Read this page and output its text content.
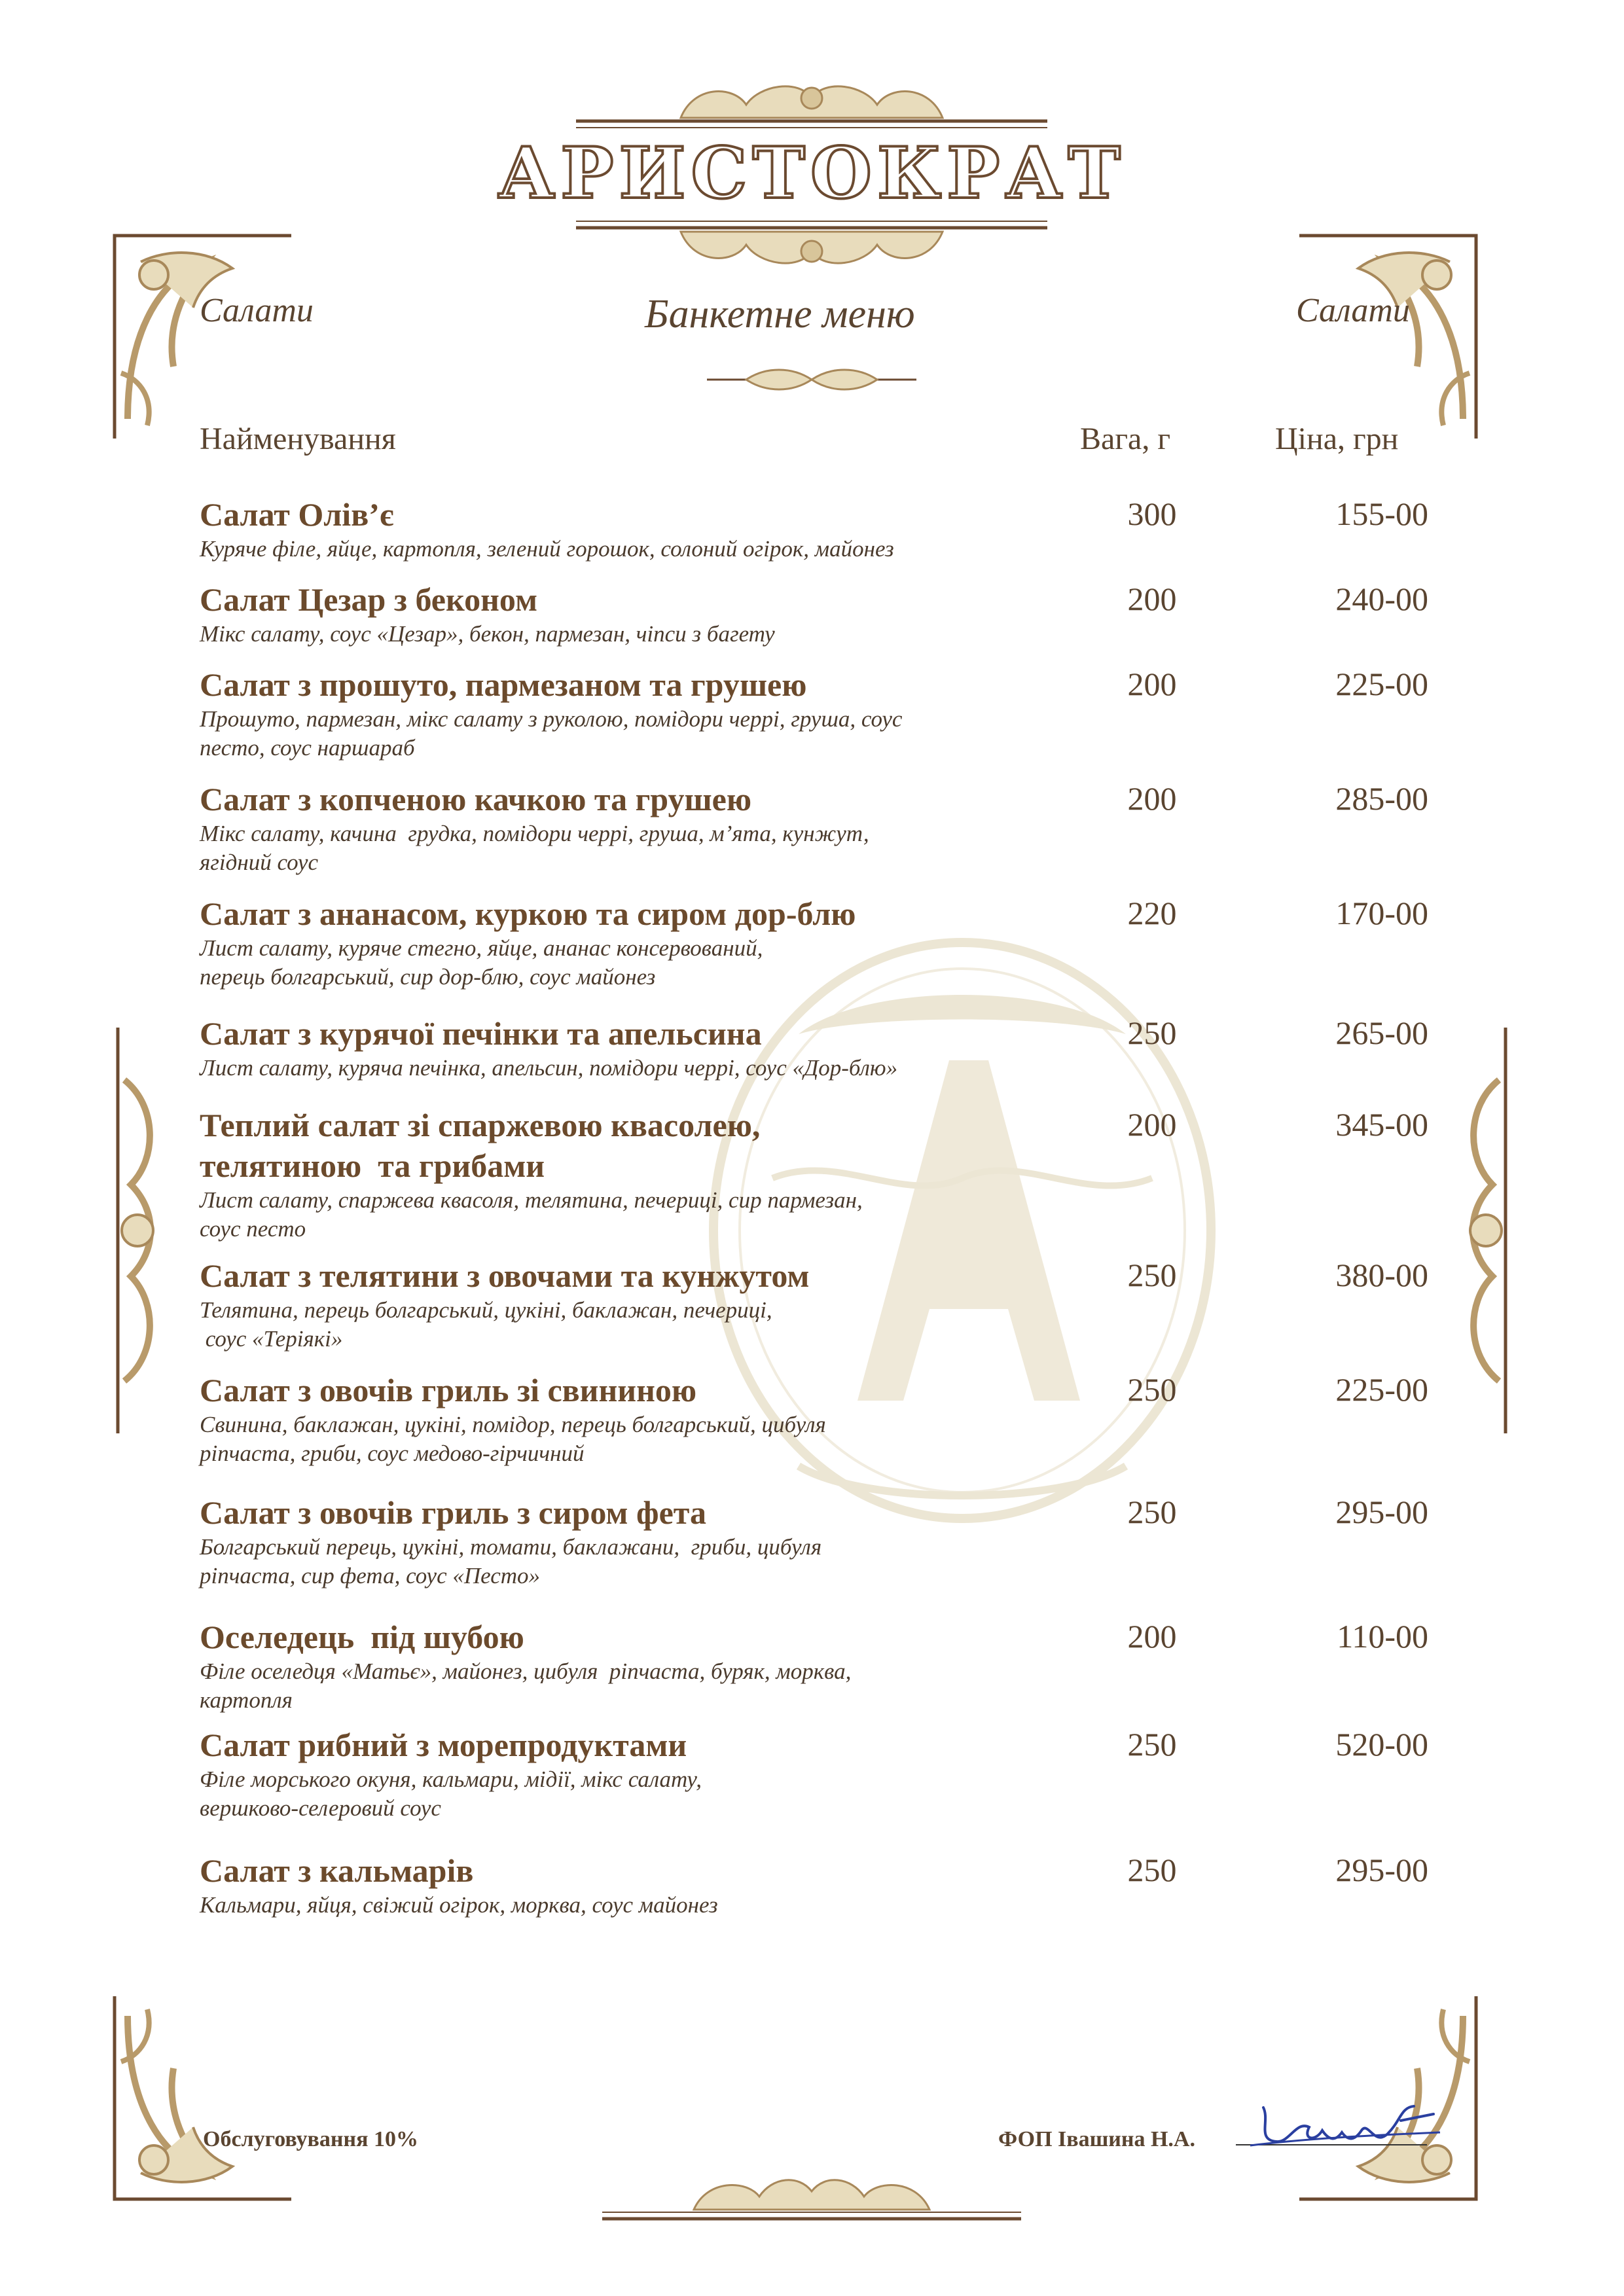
АРИСТОКРАТ
Салати	Банкетне меню	Салати
Найменування	Вага, г	Ціна, грн
Салат Олів’є
Куряче філе, яйце, картопля, зелений горошок, солоний огірок, майонез
300	155-00
Салат Цезар з беконом
Мікс салату, соус «Цезар», бекон, пармезан, чіпси з багету
200	240-00
Салат з прошуто, пармезаном та грушею
Прошуто, пармезан, мікс салату з руколою, помідори черрі, груша, соус
песто, соус наршараб
200	225-00
Салат з копченою качкою та грушею
Мікс салату, качина  грудка, помідори черрі, груша, м’ята, кунжут,
ягідний соус
200	285-00
Салат з ананасом, куркою та сиром дор-блю
Лист салату, куряче стегно, яйце, ананас консервований,
перець болгарський, сир дор-блю, соус майонез
220	170-00
Салат з курячої печінки та апельсина
Лист салату, куряча печінка, апельсин, помідори черрі, соус «Дор-блю»
250	265-00
Теплий салат зі спаржевою квасолею,
телятиною  та грибами
Лист салату, спаржева квасоля, телятина, печериці, сир пармезан,
соус песто
200	345-00
Салат з телятини з овочами та кунжутом
Телятина, перець болгарський, цукіні, баклажан, печериці,
соус «Теріякі»
250	380-00
Салат з овочів гриль зі свининою
Свинина, баклажан, цукіні, помідор, перець болгарський, цибуля
ріпчаста, гриби, соус медово-гірчичний
250	225-00
Салат з овочів гриль з сиром фета
Болгарський перець, цукіні, томати, баклажани,  гриби, цибуля
ріпчаста, сир фета, соус «Песто»
250	295-00
Оселедець  під шубою
Філе оселедця «Матьє», майонез, цибуля  ріпчаста, буряк, морква,
картопля
200	110-00
Салат рибний з морепродуктами
Філе морського окуня, кальмари, мідії, мікс салату,
вершково-селеровий соус
250	520-00
Салат з кальмарів
Кальмари, яйця, свіжий огірок, морква, соус майонез
250	295-00
Обслуговування 10%	ФОП Івашина Н.А.
